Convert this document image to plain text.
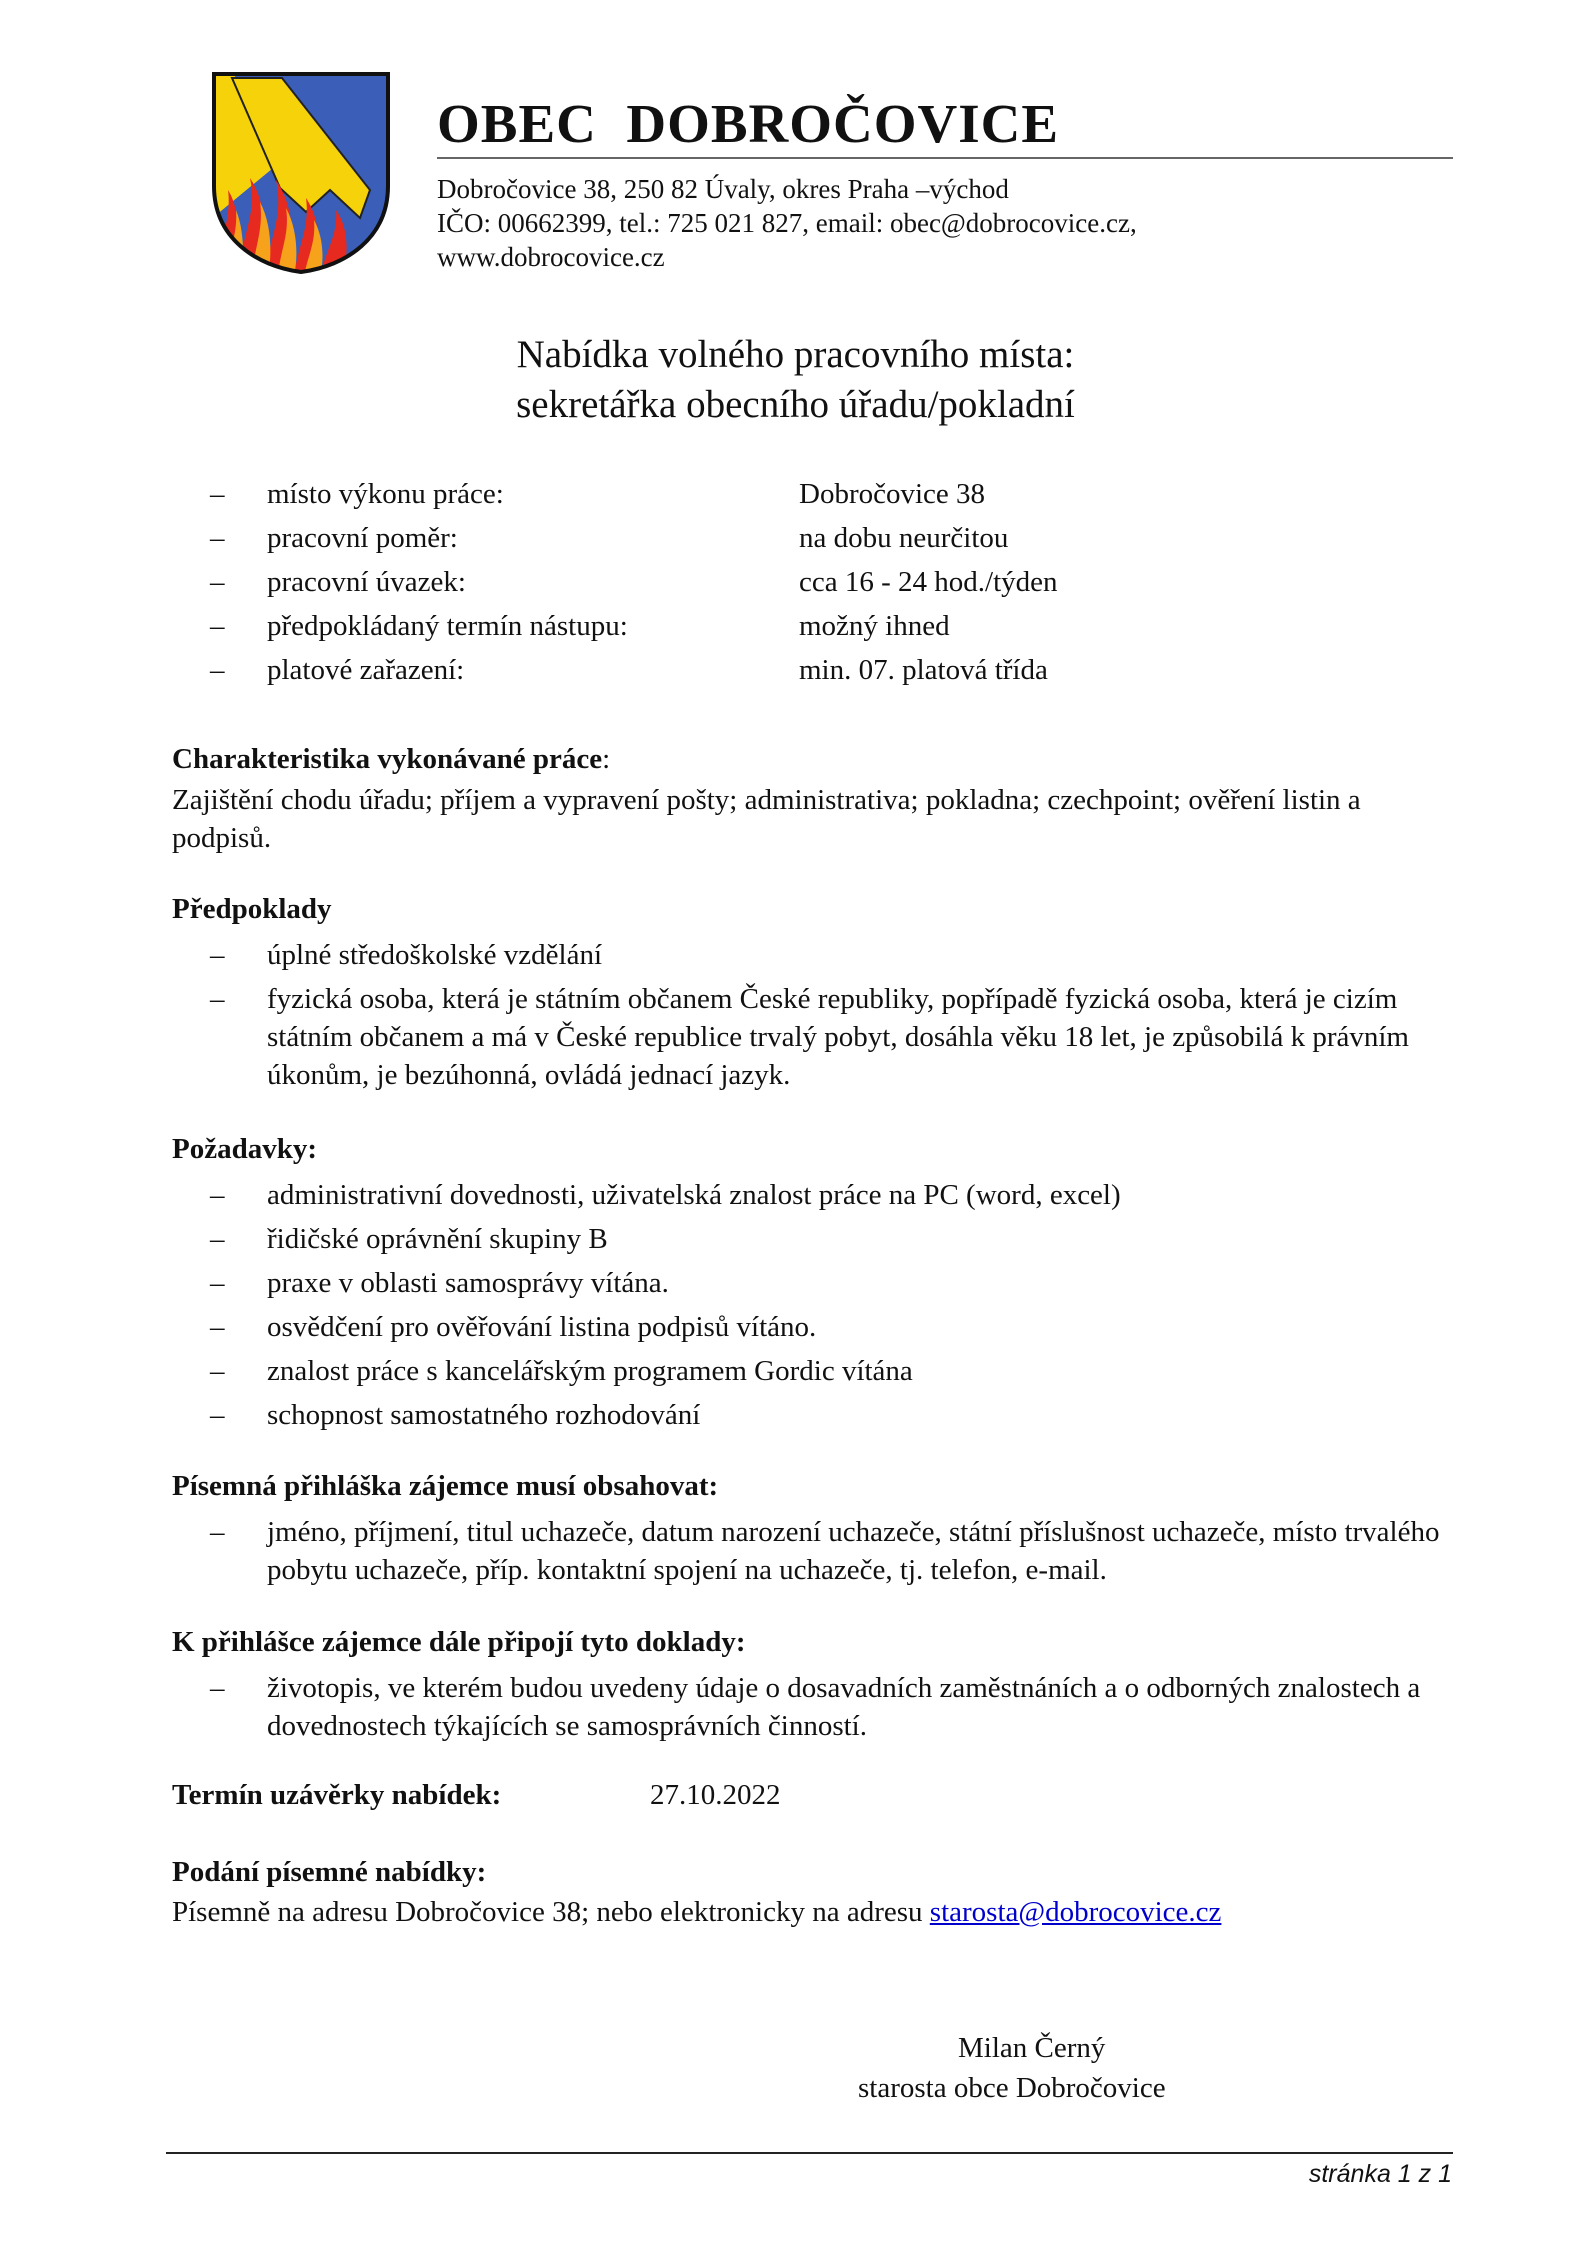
OBEC  DOBROČOVICE
Dobročovice 38, 250 82 Úvaly, okres Praha –východ
IČO: 00662399, tel.: 725 021 827, email: obec@dobrocovice.cz,
www.dobrocovice.cz
Nabídka volného pracovního místa:
sekretářka obecního úřadu/pokladní
– místo výkonu práce:	Dobročovice 38
– pracovní poměr:	na dobu neurčitou
– pracovní úvazek:	cca 16 - 24 hod./týden
– předpokládaný termín nástupu:	možný ihned
– platové zařazení:	min. 07. platová třída
Charakteristika vykonávané práce:
Zajištění chodu úřadu; příjem a vypravení pošty; administrativa; pokladna; czechpoint; ověření listin a podpisů.
Předpoklady
– úplné středoškolské vzdělání
– fyzická osoba, která je státním občanem České republiky, popřípadě fyzická osoba, která je cizím státním občanem a má v České republice trvalý pobyt, dosáhla věku 18 let, je způsobilá k právním úkonům, je bezúhonná, ovládá jednací jazyk.
Požadavky:
– administrativní dovednosti, uživatelská znalost práce na PC (word, excel)
– řidičské oprávnění skupiny B
– praxe v oblasti samosprávy vítána.
– osvědčení pro ověřování listina podpisů vítáno.
– znalost práce s kancelářským programem Gordic vítána
– schopnost samostatného rozhodování
Písemná přihláška zájemce musí obsahovat:
– jméno, příjmení, titul uchazeče, datum narození uchazeče, státní příslušnost uchazeče, místo trvalého pobytu uchazeče, příp. kontaktní spojení na uchazeče, tj. telefon, e-mail.
K přihlášce zájemce dále připojí tyto doklady:
– životopis, ve kterém budou uvedeny údaje o dosavadních zaměstnáních a o odborných znalostech a dovednostech týkajících se samosprávních činností.
Termín uzávěrky nabídek:	27.10.2022
Podání písemné nabídky:
Písemně na adresu Dobročovice 38; nebo elektronicky na adresu starosta@dobrocovice.cz
Milan Černý
starosta obce Dobročovice
stránka 1 z 1
